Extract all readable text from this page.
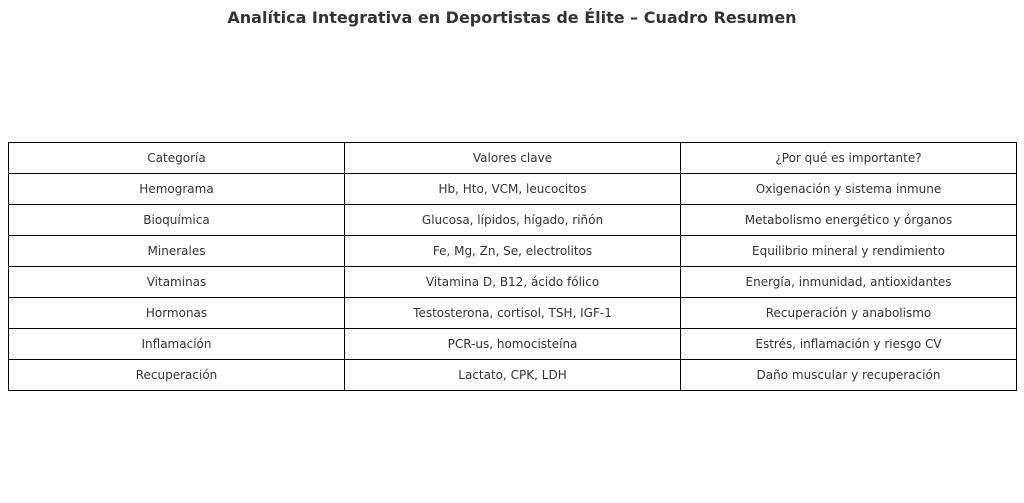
Analítica Integrativa en Deportistas de Élite – Cuadro Resumen
Categoría	Valores clave	¿Por qué es importante?
Hemograma	Hb, Hto, VCM, leucocitos	Oxigenación y sistema inmune
Bioquímica	Glucosa, lípidos, hígado, riñón	Metabolismo energético y órganos
Minerales	Fe, Mg, Zn, Se, electrolitos	Equilibrio mineral y rendimiento
Vitaminas	Vitamina D, B12, ácido fólico	Energía, inmunidad, antioxidantes
Hormonas	Testosterona, cortisol, TSH, IGF-1	Recuperación y anabolismo
Inflamación	PCR-us, homocisteína	Estrés, inflamación y riesgo CV
Recuperación	Lactato, CPK, LDH	Daño muscular y recuperación
